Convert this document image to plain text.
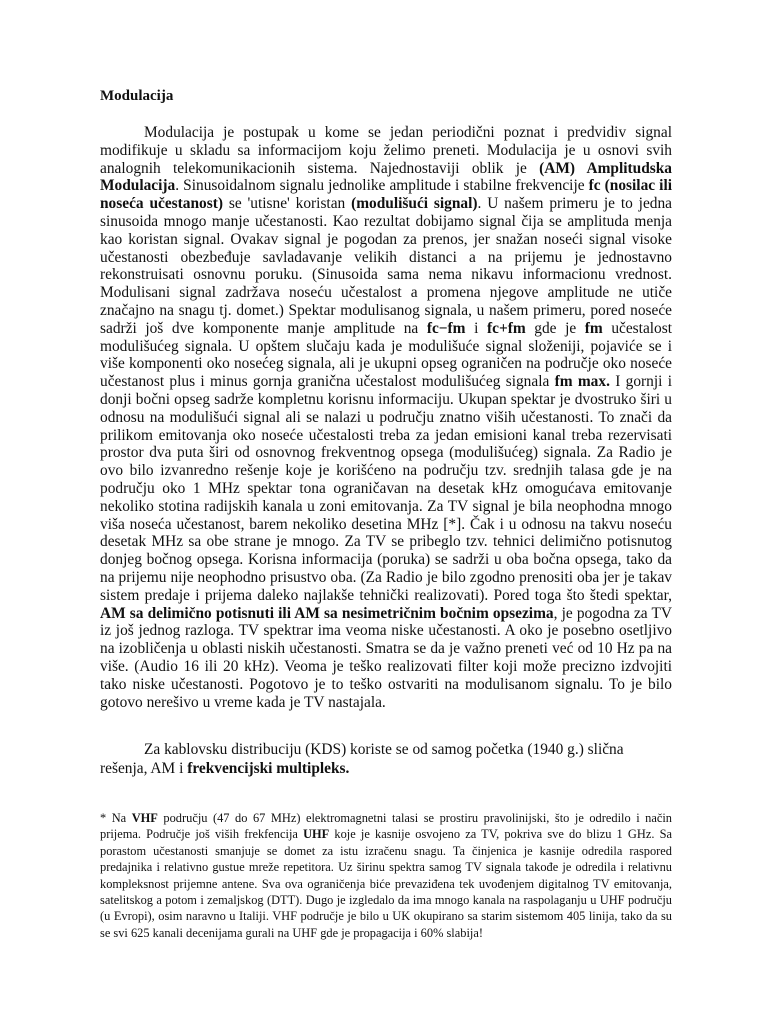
Modulacija

Modulacija je postupak u kome se jedan periodični poznat i predvidiv signal modifikuje u skladu sa informacijom koju želimo preneti. Modulacija je u osnovi svih analognih telekomunikacionih sistema. Najednostaviji oblik je (AM) Amplitudska Modulacija. Sinusoidalnom signalu jednolike amplitude i stabilne frekvencije fc (nosilac ili noseća učestanost) se 'utisne' koristan (modulišući signal). U našem primeru je to jedna sinusoida mnogo manje učestanosti. Kao rezultat dobijamo signal čija se amplituda menja kao koristan signal. Ovakav signal je pogodan za prenos, jer snažan noseći signal visoke učestanosti obezbeđuje savladavanje velikih distanci a na prijemu je jednostavno rekonstruisati osnovnu poruku. (Sinusoida sama nema nikavu informacionu vrednost. Modulisani signal zadržava noseću učestalost a promena njegove amplitude ne utiče značajno na snagu tj. domet.) Spektar modulisanog signala, u našem primeru, pored noseće sadrži još dve komponente manje amplitude na fc−fm i fc+fm gde je fm učestalost modulišućeg signala. U opštem slučaju kada je modulišuće signal složeniji, pojaviće se i više komponenti oko nosećeg signala, ali je ukupni opseg ograničen na područje oko noseće učestanost plus i minus gornja granična učestalost modulišućeg signala fm max. I gornji i donji bočni opseg sadrže kompletnu korisnu informaciju. Ukupan spektar je dvostruko širi u odnosu na modulišući signal ali se nalazi u području znatno viših učestanosti. To znači da prilikom emitovanja oko noseće učestalosti treba za jedan emisioni kanal treba rezervisati prostor dva puta širi od osnovnog frekventnog opsega (modulišućeg) signala. Za Radio je ovo bilo izvanredno rešenje koje je korišćeno na području tzv. srednjih talasa gde je na području oko 1 MHz spektar tona ograničavan na desetak kHz omogućava emitovanje nekoliko stotina radijskih kanala u zoni emitovanja. Za TV signal je bila neophodna mnogo viša noseća učestanost, barem nekoliko desetina MHz [*]. Čak i u odnosu na takvu noseću desetak MHz sa obe strane je mnogo. Za TV se pribeglo tzv. tehnici delimično potisnutog donjeg bočnog opsega. Korisna informacija (poruka) se sadrži u oba bočna opsega, tako da na prijemu nije neophodno prisustvo oba. (Za Radio je bilo zgodno prenositi oba jer je takav sistem predaje i prijema daleko najlakše tehnički realizovati). Pored toga što štedi spektar, AM sa delimično potisnuti ili AM sa nesimetričnim bočnim opsezima, je pogodna za TV iz još jednog razloga. TV spektrar ima veoma niske učestanosti. A oko je posebno osetljivo na izobličenja u oblasti niskih učestanosti. Smatra se da je važno preneti već od 10 Hz pa na više. (Audio 16 ili 20 kHz). Veoma je teško realizovati filter koji može precizno izdvojiti tako niske učestanosti. Pogotovo je to teško ostvariti na modulisanom signalu. To je bilo gotovo nerešivo u vreme kada je TV nastajala.

Za kablovsku distribuciju (KDS) koriste se od samog početka (1940 g.) slična rešenja, AM i frekvencijski multipleks.

* Na VHF području (47 do 67 MHz) elektromagnetni talasi se prostiru pravolinijski, što je odredilo i način prijema. Područje još viših frekfencija UHF koje je kasnije osvojeno za TV, pokriva sve do blizu 1 GHz. Sa porastom učestanosti smanjuje se domet za istu izračenu snagu. Ta činjenica je kasnije odredila raspored predajnika i relativno gustue mreže repetitora. Uz širinu spektra samog TV signala takođe je odredila i relativnu kompleksnost prijemne antene. Sva ova ograničenja biće prevaziđena tek uvođenjem digitalnog TV emitovanja, satelitskog a potom i zemaljskog (DTT). Dugo je izgledalo da ima mnogo kanala na raspolaganju u UHF području (u Evropi), osim naravno u Italiji. VHF područje je bilo u UK okupirano sa starim sistemom 405 linija, tako da su se svi 625 kanali decenijama gurali na UHF gde je propagacija i 60% slabija!
